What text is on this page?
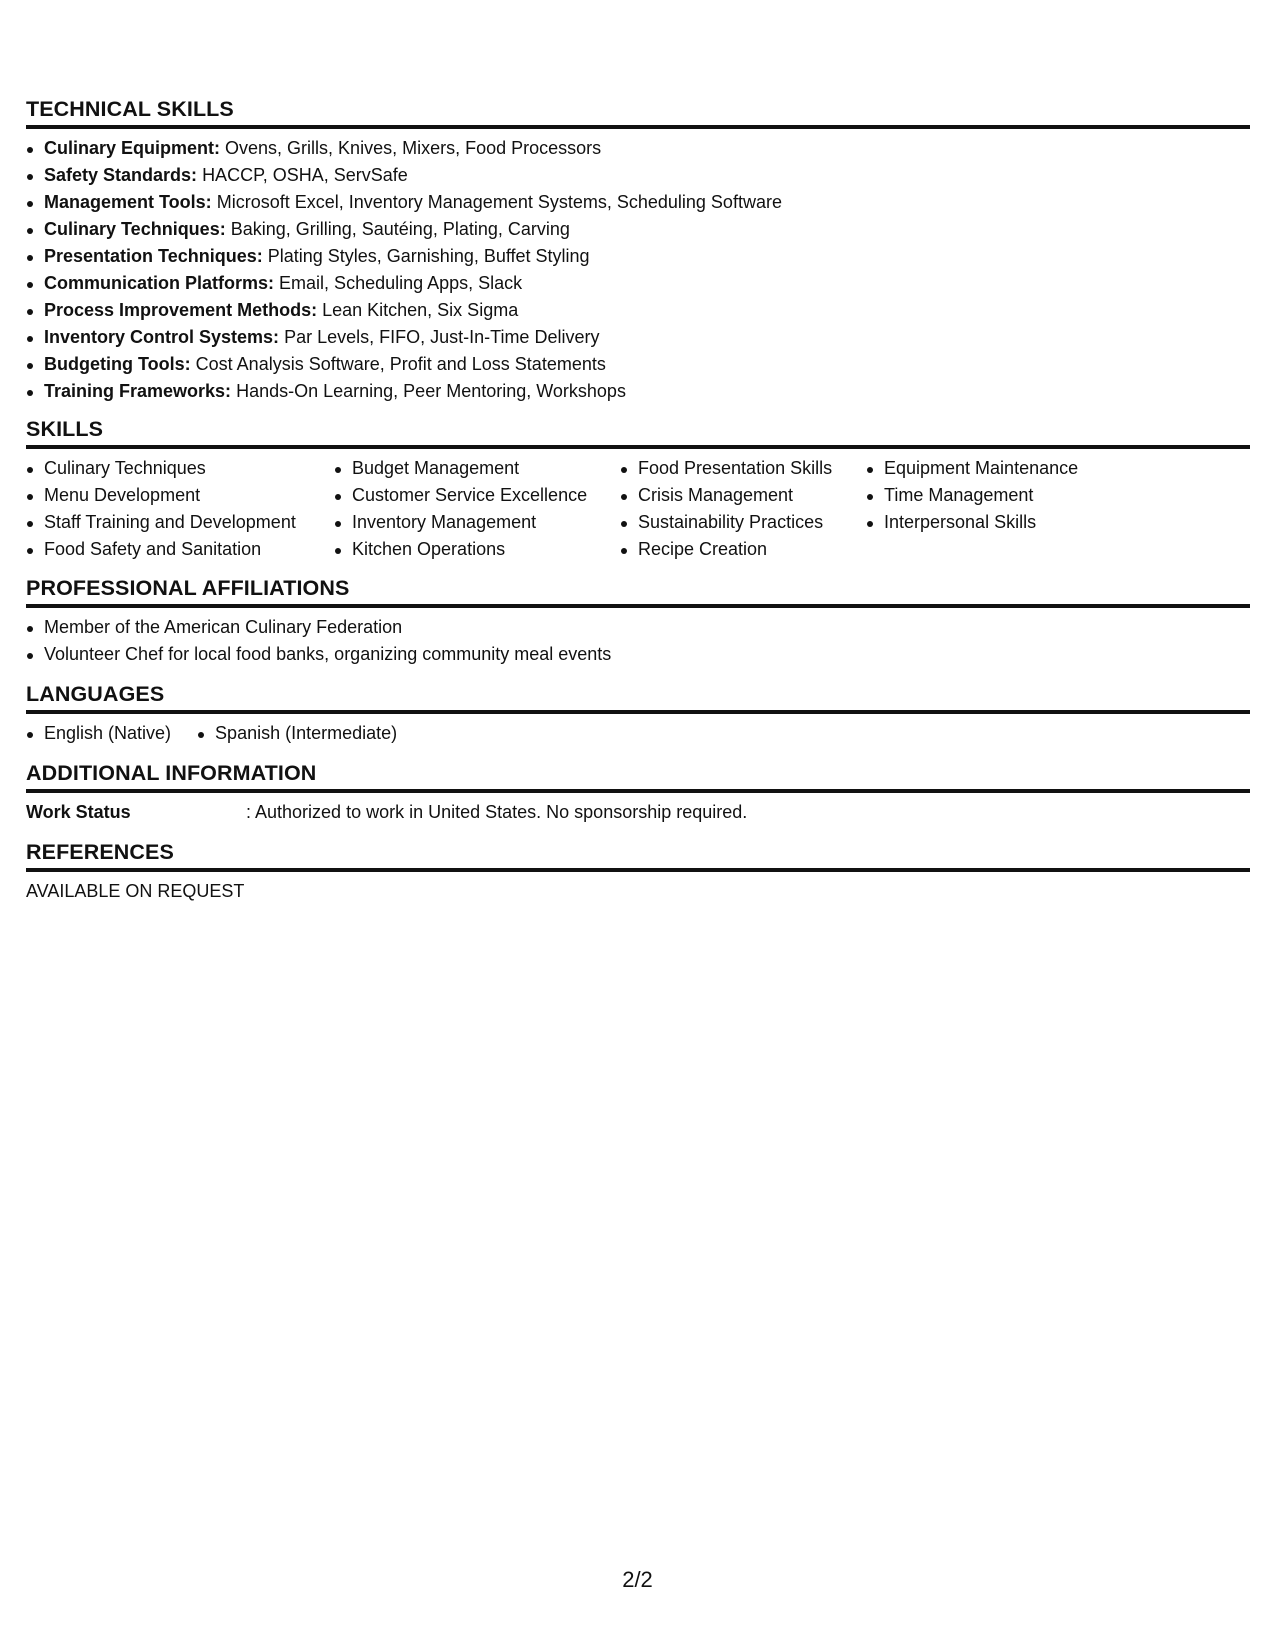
TECHNICAL SKILLS
Culinary Equipment: Ovens, Grills, Knives, Mixers, Food Processors
Safety Standards: HACCP, OSHA, ServSafe
Management Tools: Microsoft Excel, Inventory Management Systems, Scheduling Software
Culinary Techniques: Baking, Grilling, Sautéing, Plating, Carving
Presentation Techniques: Plating Styles, Garnishing, Buffet Styling
Communication Platforms: Email, Scheduling Apps, Slack
Process Improvement Methods: Lean Kitchen, Six Sigma
Inventory Control Systems: Par Levels, FIFO, Just-In-Time Delivery
Budgeting Tools: Cost Analysis Software, Profit and Loss Statements
Training Frameworks: Hands-On Learning, Peer Mentoring, Workshops
SKILLS
Culinary Techniques
Menu Development
Staff Training and Development
Food Safety and Sanitation
Budget Management
Customer Service Excellence
Inventory Management
Kitchen Operations
Food Presentation Skills
Crisis Management
Sustainability Practices
Recipe Creation
Equipment Maintenance
Time Management
Interpersonal Skills
PROFESSIONAL AFFILIATIONS
Member of the American Culinary Federation
Volunteer Chef for local food banks, organizing community meal events
LANGUAGES
English (Native)	Spanish (Intermediate)
ADDITIONAL INFORMATION
Work Status	: Authorized to work in United States. No sponsorship required.
REFERENCES
AVAILABLE ON REQUEST
2/2
